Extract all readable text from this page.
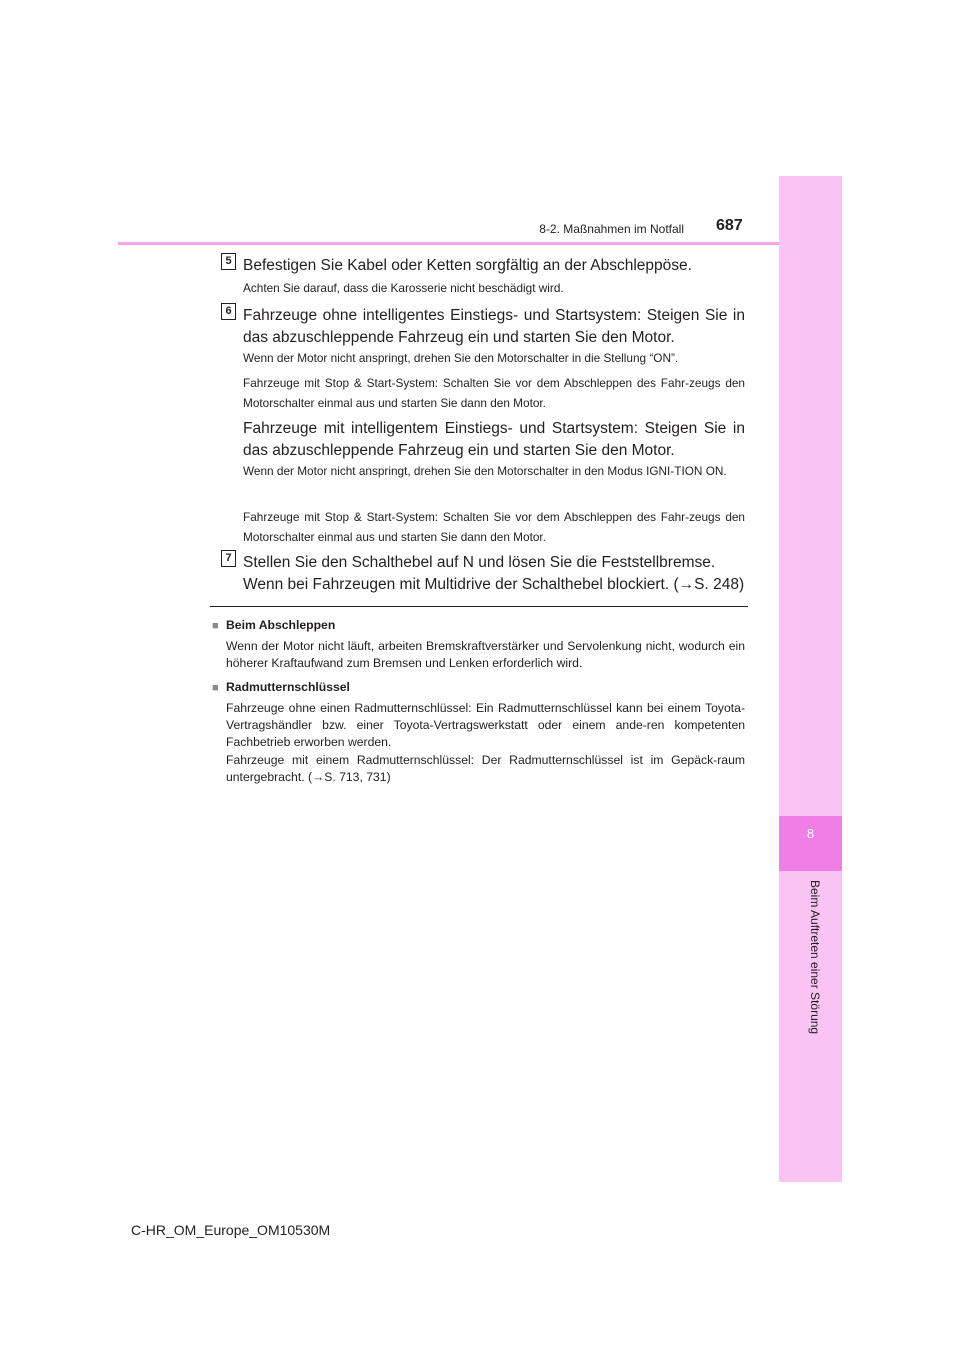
8
Beim Auftreten einer Störung
8-2. Maßnahmen im Notfall 687
5 Befestigen Sie Kabel oder Ketten sorgfältig an der Abschleppöse.
Achten Sie darauf, dass die Karosserie nicht beschädigt wird.
6 Fahrzeuge ohne intelligentes Einstiegs- und Startsystem: Steigen Sie in das abzuschleppende Fahrzeug ein und starten Sie den Motor.
Wenn der Motor nicht anspringt, drehen Sie den Motorschalter in die Stellung “ON”.
Fahrzeuge mit Stop & Start-System: Schalten Sie vor dem Abschleppen des Fahr-zeugs den Motorschalter einmal aus und starten Sie dann den Motor.
Fahrzeuge mit intelligentem Einstiegs- und Startsystem: Steigen Sie in das abzuschleppende Fahrzeug ein und starten Sie den Motor.
Wenn der Motor nicht anspringt, drehen Sie den Motorschalter in den Modus IGNI-TION ON.
Fahrzeuge mit Stop & Start-System: Schalten Sie vor dem Abschleppen des Fahr-zeugs den Motorschalter einmal aus und starten Sie dann den Motor.
7 Stellen Sie den Schalthebel auf N und lösen Sie die Feststellbremse.
Wenn bei Fahrzeugen mit Multidrive der Schalthebel blockiert. (→S. 248)
■ Beim Abschleppen
Wenn der Motor nicht läuft, arbeiten Bremskraftverstärker und Servolenkung nicht, wodurch ein höherer Kraftaufwand zum Bremsen und Lenken erforderlich wird.
■ Radmutternschlüssel
Fahrzeuge ohne einen Radmutternschlüssel: Ein Radmutternschlüssel kann bei einem Toyota-Vertragshändler bzw. einer Toyota-Vertragswerkstatt oder einem ande-ren kompetenten Fachbetrieb erworben werden.
Fahrzeuge mit einem Radmutternschlüssel: Der Radmutternschlüssel ist im Gepäck-raum untergebracht. (→S. 713, 731)
C-HR_OM_Europe_OM10530M
